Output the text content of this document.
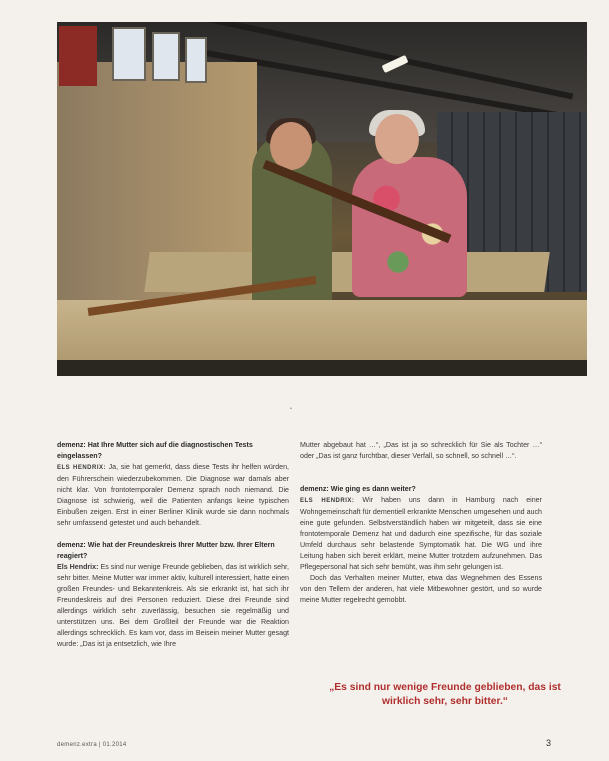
•

demenz: Hat Ihre Mutter sich auf die diagnostischen Tests eingelassen?

ELS HENDRIX: Ja, sie hat gemerkt, dass diese Tests ihr helfen würden, den Führerschein wiederzubekommen. Die Diagnose war damals aber nicht klar. Von frontotemporaler Demenz sprach noch niemand. Die Diagnose ist schwierig, weil die Patienten anfangs keine typischen Einbußen zeigen. Erst in einer Berliner Klinik wurde sie dann nochmals sehr umfassend getestet und auch behandelt.

demenz: Wie hat der Freundeskreis Ihrer Mutter bzw. Ihrer Eltern reagiert?

Els Hendrix: Es sind nur wenige Freunde geblieben, das ist wirklich sehr, sehr bitter. Meine Mutter war immer aktiv, kulturell interessiert, hatte einen großen Freundes- und Bekanntenkreis. Als sie erkrankt ist, hat sich ihr Freundeskreis auf drei Personen reduziert. Diese drei Freunde sind allerdings wirklich sehr zuverlässig, besuchen sie regelmäßig und unterstützen uns. Bei dem Großteil der Freunde war die Reaktion allerdings schrecklich. Es kam vor, dass im Beisein meiner Mutter gesagt wurde: „Das ist ja entsetzlich, wie Ihre

Mutter abgebaut hat …“, „Das ist ja so schrecklich für Sie als Tochter …“ oder „Das ist ganz furchtbar, dieser Verfall, so schnell, so schnell …“.

demenz: Wie ging es dann weiter?

ELS HENDRIX: Wir haben uns dann in Hamburg nach einer Wohngemeinschaft für dementiell erkrankte Menschen umgesehen und auch eine gute gefunden. Selbstverständlich haben wir mitgeteilt, dass sie eine frontotemporale Demenz hat und dadurch eine spezifische, für das soziale Umfeld durchaus sehr belastende Symptomatik hat. Die WG und ihre Leitung haben sich bereit erklärt, meine Mutter trotzdem aufzunehmen. Das Pflegepersonal hat sich sehr bemüht, was ihm sehr gelungen ist.

Doch das Verhalten meiner Mutter, etwa das Wegnehmen des Essens von den Tellern der anderen, hat viele Mitbewohner gestört, und so wurde meine Mutter regelrecht gemobbt.

„Es sind nur wenige Freunde geblieben, das ist wirklich sehr, sehr bitter.“
demenz.extra | 01.2014	3
